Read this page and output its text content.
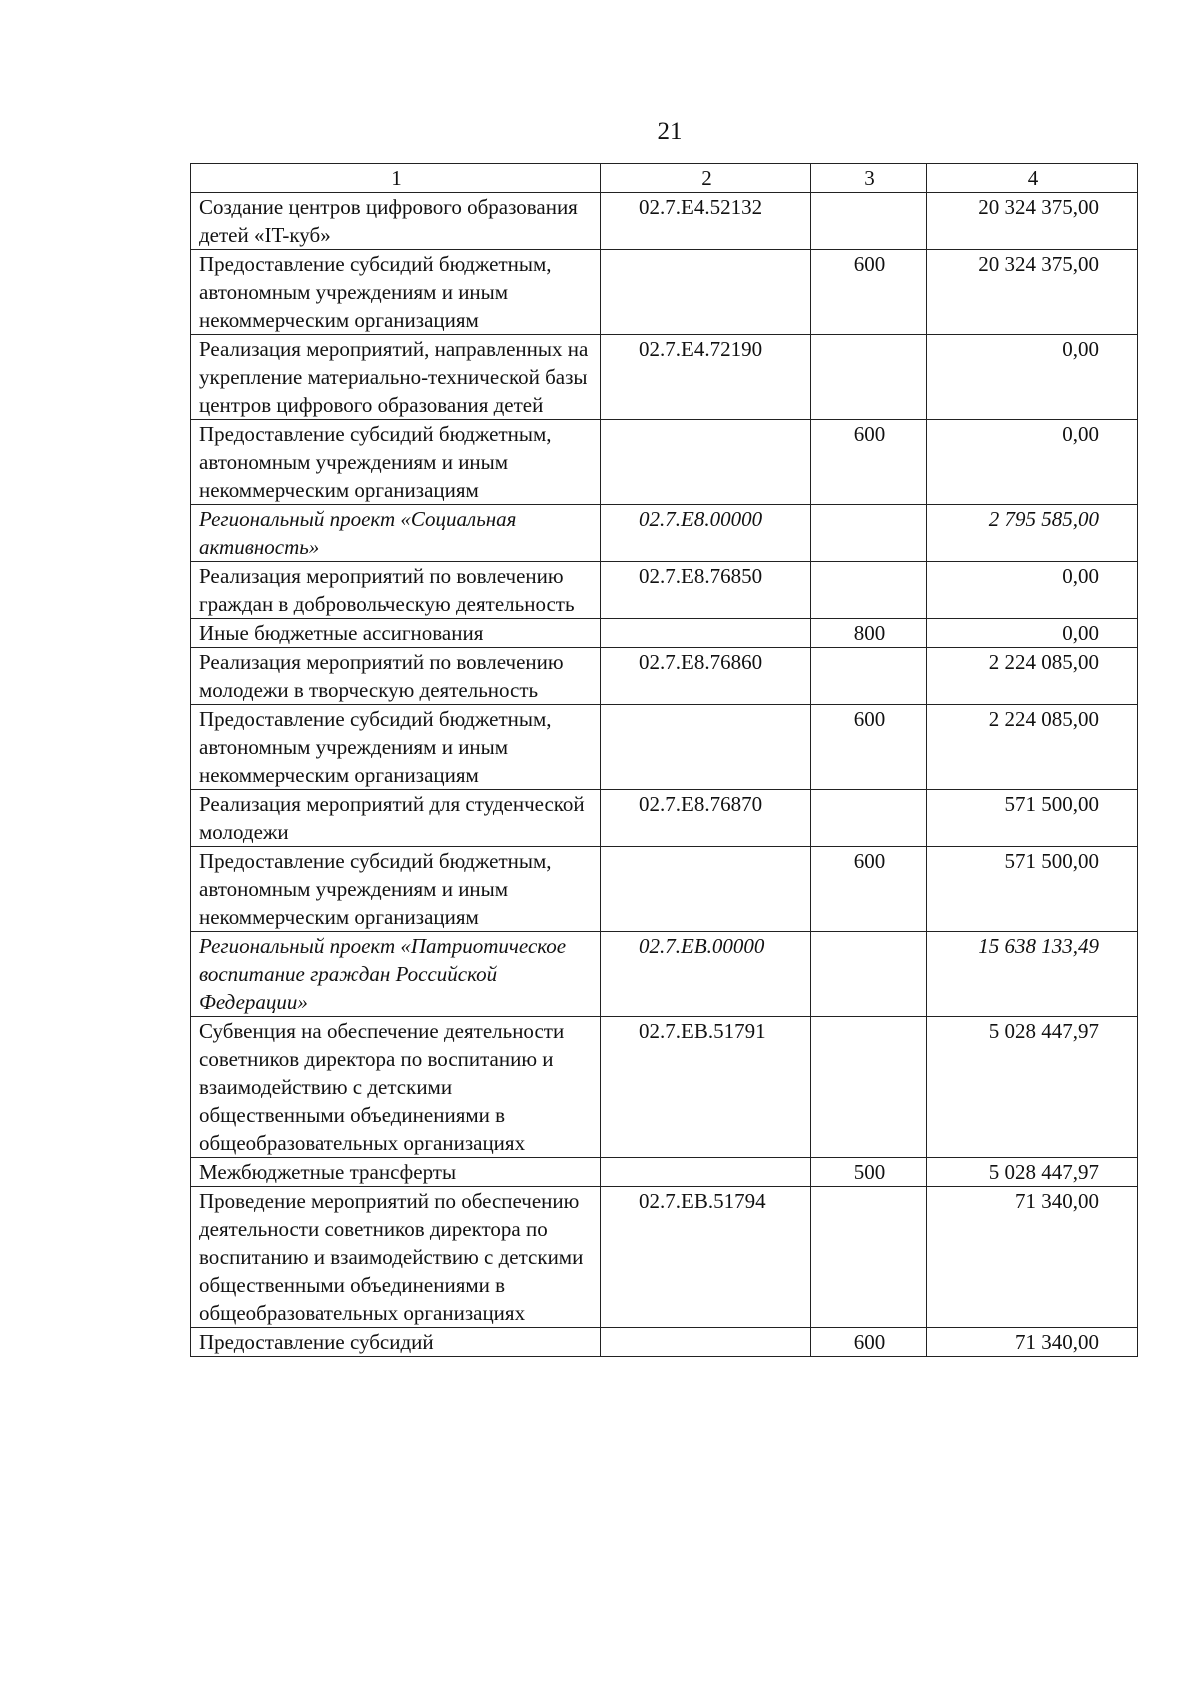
21
1	2	3	4
Создание центров цифрового образования детей «IT-куб»	02.7.Е4.52132		20 324 375,00
Предоставление субсидий бюджетным, автономным учреждениям и иным некоммерческим организациям		600	20 324 375,00
Реализация мероприятий, направленных на укрепление материально-технической базы центров цифрового образования детей	02.7.Е4.72190		0,00
Предоставление субсидий бюджетным, автономным учреждениям и иным некоммерческим организациям		600	0,00
Региональный проект «Социальная активность»	02.7.Е8.00000		2 795 585,00
Реализация мероприятий по вовлечению граждан в добровольческую деятельность	02.7.Е8.76850		0,00
Иные бюджетные ассигнования		800	0,00
Реализация мероприятий по вовлечению молодежи в творческую деятельность	02.7.Е8.76860		2 224 085,00
Предоставление субсидий бюджетным, автономным учреждениям и иным некоммерческим организациям		600	2 224 085,00
Реализация мероприятий для студенческой молодежи	02.7.Е8.76870		571 500,00
Предоставление субсидий бюджетным, автономным учреждениям и иным некоммерческим организациям		600	571 500,00
Региональный проект «Патриотическое воспитание граждан Российской Федерации»	02.7.ЕВ.00000		15 638 133,49
Субвенция на обеспечение деятельности советников директора по воспитанию и взаимодействию с детскими общественными объединениями в общеобразовательных организациях	02.7.ЕВ.51791		5 028 447,97
Межбюджетные трансферты		500	5 028 447,97
Проведение мероприятий по обеспечению деятельности советников директора по воспитанию и взаимодействию с детскими общественными объединениями в общеобразовательных организациях	02.7.ЕВ.51794		71 340,00
Предоставление субсидий		600	71 340,00
